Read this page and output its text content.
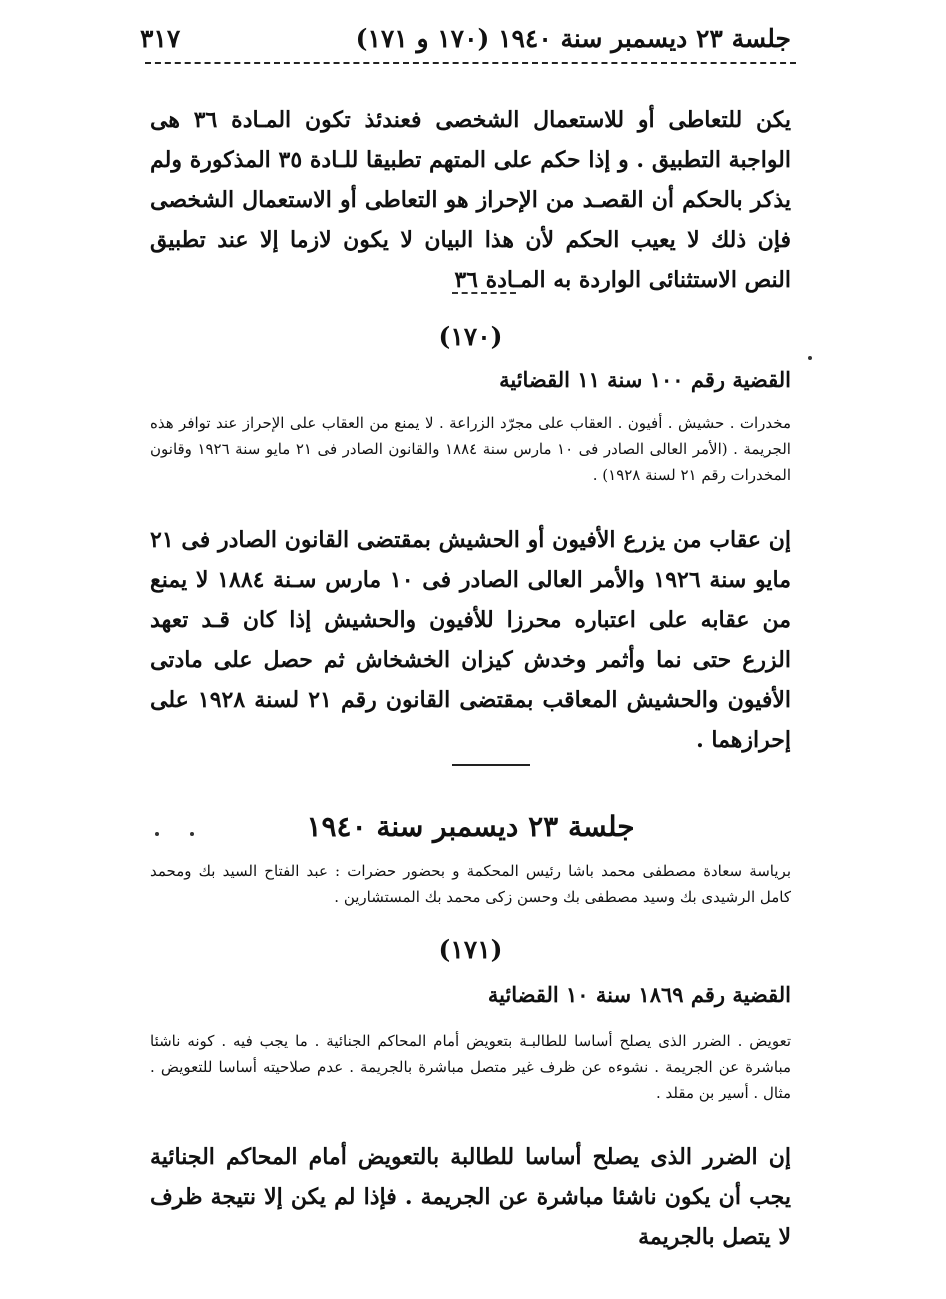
جلسة ٢٣ ديسمبر سنة ١٩٤٠ (١٧٠ و ١٧١)
٣١٧
يكن للتعاطى أو للاستعمال الشخصى فعندئذ تكون المـادة ٣٦ هى الواجبة التطبيق . و إذا حكم على المتهم تطبيقا للـادة ٣٥ المذكورة ولم يذكر بالحكم أن القصـد من الإحراز هو التعاطى أو الاستعمال الشخصى فإن ذلك لا يعيب الحكم لأن هذا البيان لا يكون لازما إلا عند تطبيق النص الاستثنائى الواردة به المـادة ٣٦
(١٧٠)
القضية رقم ١٠٠ سنة ١١ القضائية
مخدرات . حشيش . أفيون . العقاب على مجرّد الزراعة . لا يمنع من العقاب على الإحراز عند توافر هذه الجريمة . (الأمر العالى الصادر فى ١٠ مارس سنة ١٨٨٤ والقانون الصادر فى ٢١ مايو سنة ١٩٢٦ وقانون المخدرات رقم ٢١ لسنة ١٩٢٨) .
إن عقاب من يزرع الأفيون أو الحشيش بمقتضى القانون الصادر فى ٢١ مايو سنة ١٩٢٦ والأمر العالى الصادر فى ١٠ مارس سـنة ١٨٨٤ لا يمنع من عقابه على اعتباره محرزا للأفيون والحشيش إذا كان قـد تعهد الزرع حتى نما وأثمر وخدش كيزان الخشخاش ثم حصل على مادتى الأفيون والحشيش المعاقب بمقتضى القانون رقم ٢١ لسنة ١٩٢٨ على إحرازهما .
جلسة ٢٣ ديسمبر سنة ١٩٤٠
برياسة سعادة مصطفى محمد باشا رئيس المحكمة و بحضور حضرات : عبد الفتاح السيد بك ومحمد كامل الرشيدى بك وسيد مصطفى بك وحسن زكى محمد بك المستشارين .
(١٧١)
القضية رقم ١٨٦٩ سنة ١٠ القضائية
تعويض . الضرر الذى يصلح أساسا للطالبـة بتعويض أمام المحاكم الجنائية . ما يجب فيه . كونه ناشئا مباشرة عن الجريمة . نشوءه عن ظرف غير متصل مباشرة بالجريمة . عدم صلاحيته أساسا للتعويض . مثال . أسير بن مقلد .
إن الضرر الذى يصلح أساسا للطالبة بالتعويض أمام المحاكم الجنائية يجب أن يكون ناشئا مباشرة عن الجريمة . فإذا لم يكن إلا نتيجة ظرف لا يتصل بالجريمة
